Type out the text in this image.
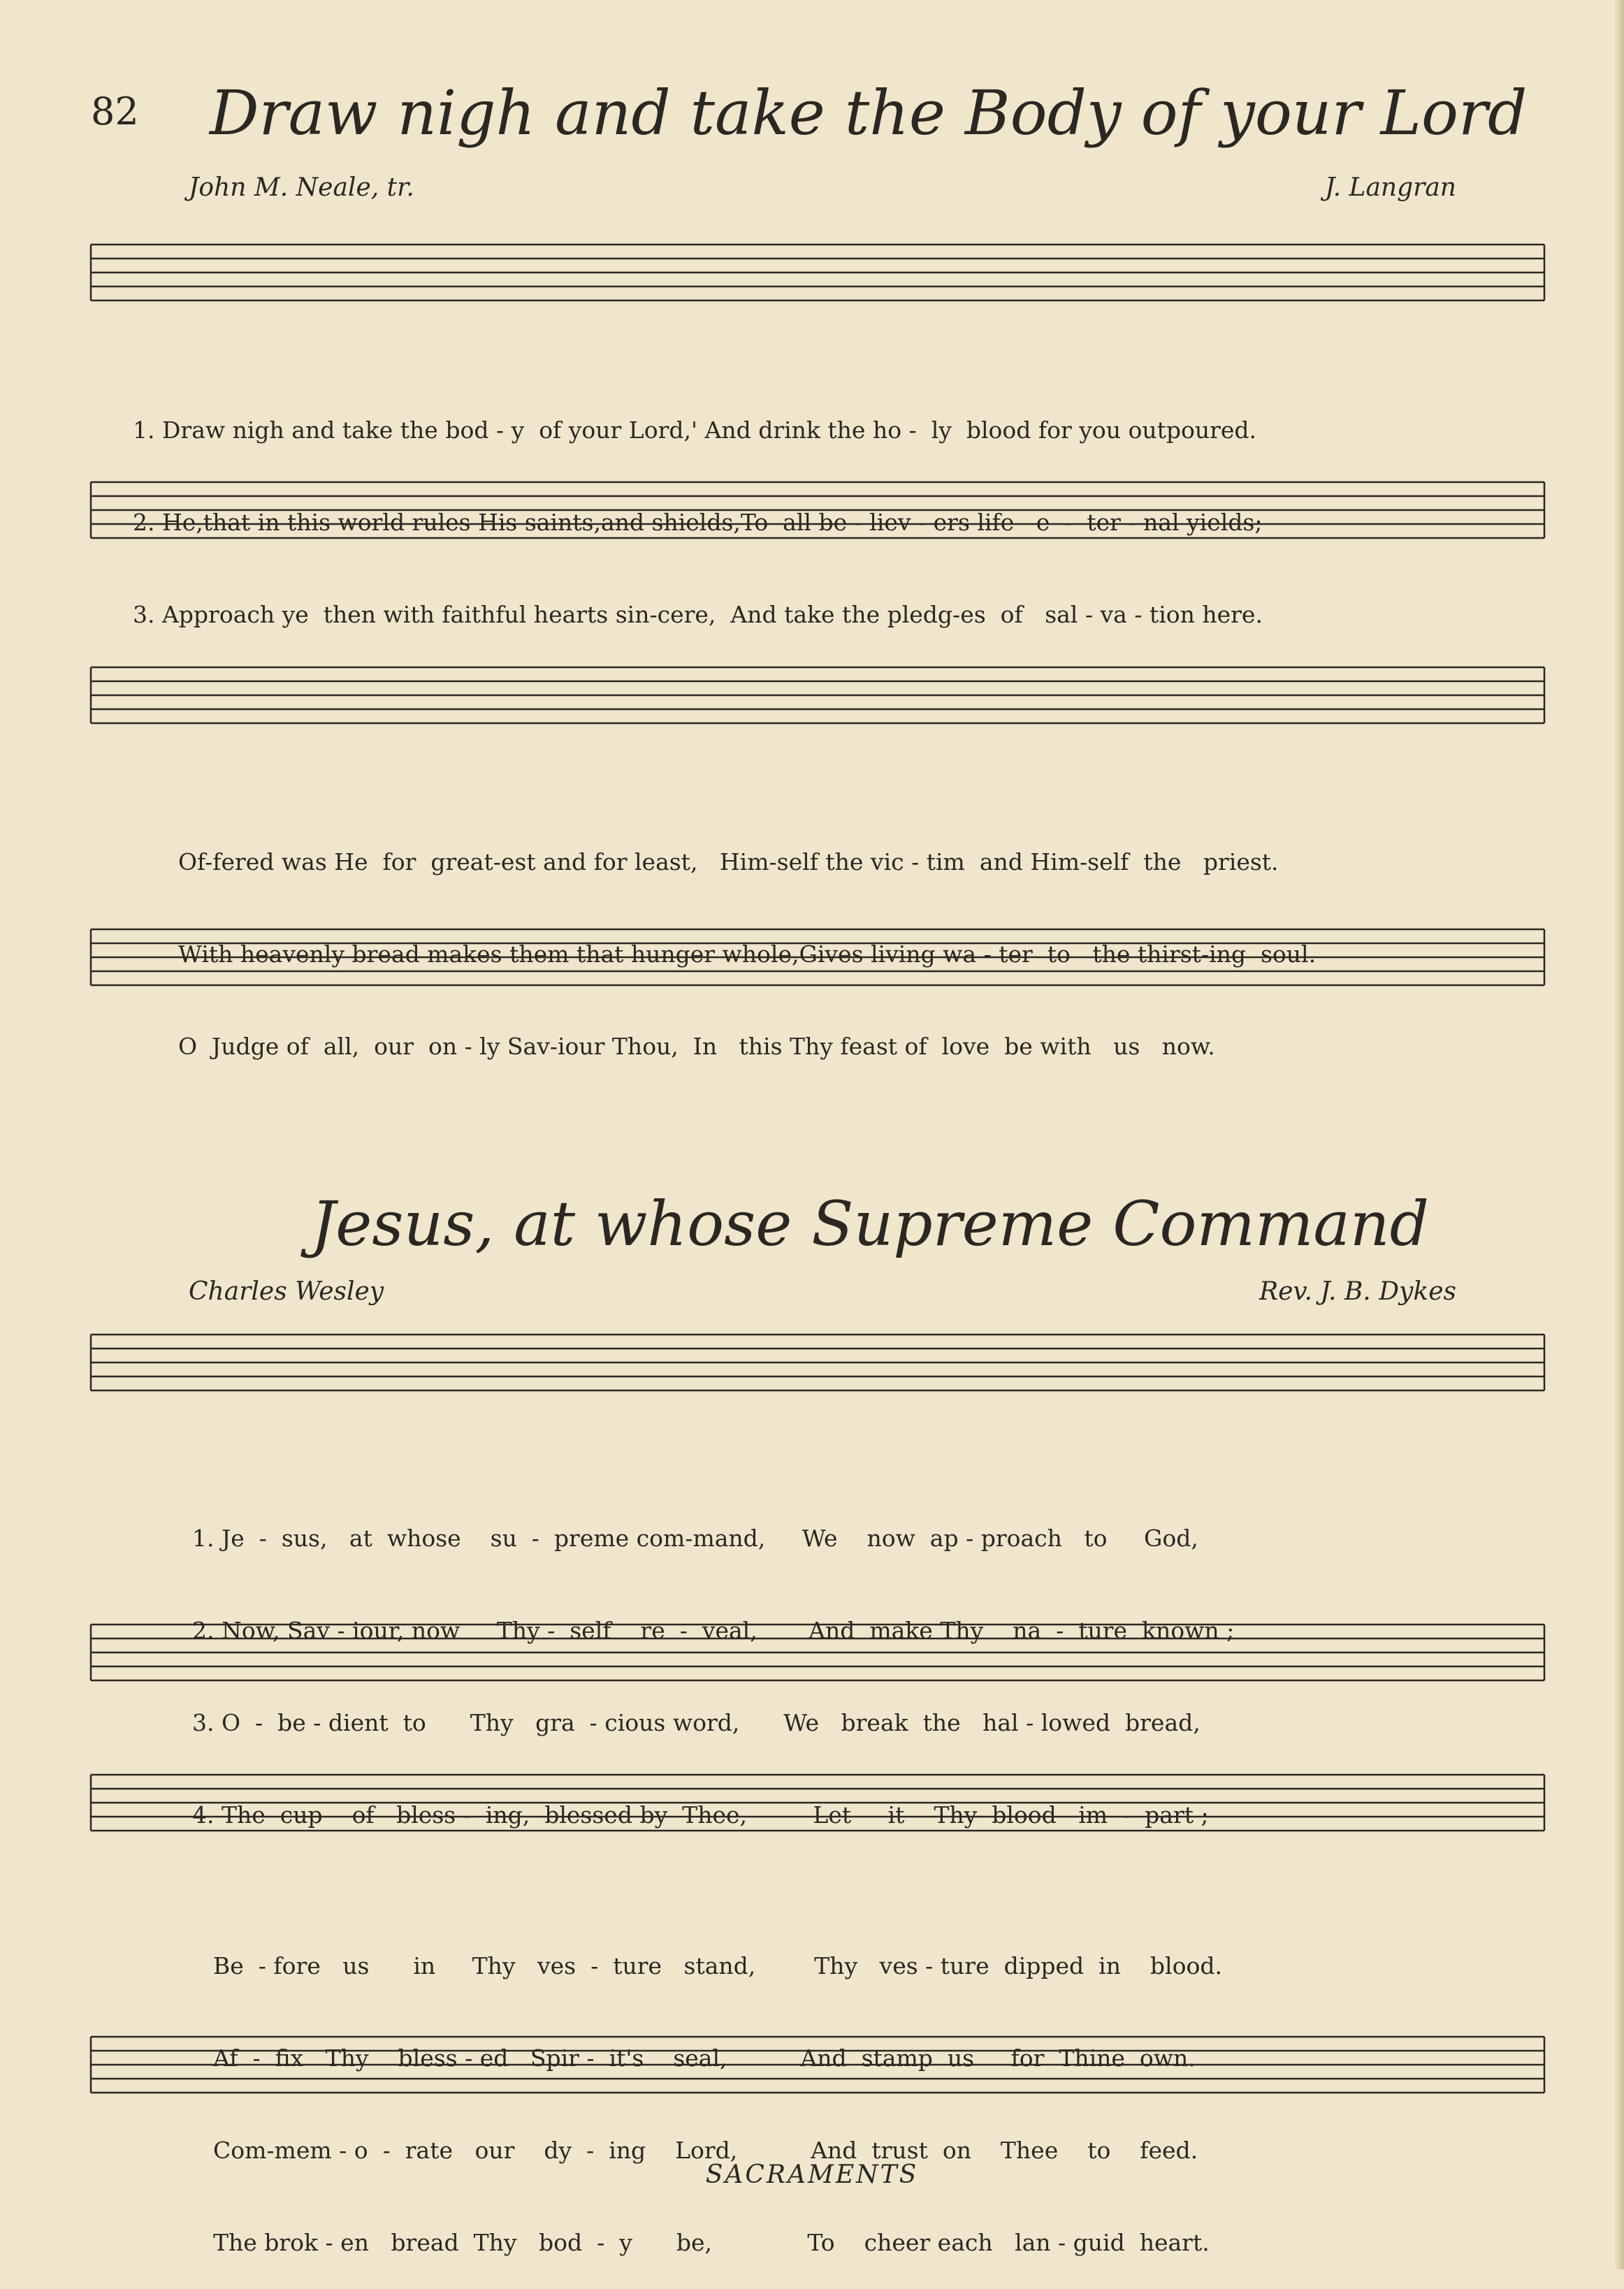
82 Draw nigh and take the Body of your Lord
John M. Neale, tr.	J. Langran

1. Draw nigh and take the bod - y  of your Lord,' And drink the ho -  ly  blood for you outpoured.

2. He,that in this world rules His saints,and shields,To  all be - liev - ers life   e  -  ter - nal yields;

3. Approach ye  then with faithful hearts sin-cere,  And take the pledg-es  of   sal - va - tion here.

Of-fered was He  for  great-est and for least,   Him-self the vic - tim  and Him-self  the   priest.

With heavenly bread makes them that hunger whole,Gives living wa - ter  to   the thirst-ing  soul.

O  Judge of  all,  our  on - ly Sav-iour Thou,  In   this Thy feast of  love  be with   us   now.

Jesus, at whose Supreme Command
Charles Wesley	Rev. J. B. Dykes

1. Je  -  sus,   at  whose    su  -  preme com-mand,     We    now  ap - proach   to     God,

2. Now, Sav - iour, now     Thy -  self    re  -  veal,       And  make Thy    na  -  ture  known ;

3. O  -  be - dient  to      Thy   gra  - cious word,      We   break  the   hal - lowed  bread,

4. The  cup    of   bless -  ing,  blessed by  Thee,         Let     it    Thy  blood   im  -  part ;

Be  - fore   us      in     Thy   ves  -  ture   stand,        Thy   ves - ture  dipped  in    blood.

Af  -  fix   Thy    bless - ed   Spir -  it's    seal,          And  stamp  us     for  Thine  own.

Com-mem - o  -  rate   our    dy  -  ing    Lord,          And  trust  on    Thee    to    feed.

The brok - en   bread  Thy   bod  -  y      be,             To    cheer each   lan - guid  heart.

SACRAMENTS
